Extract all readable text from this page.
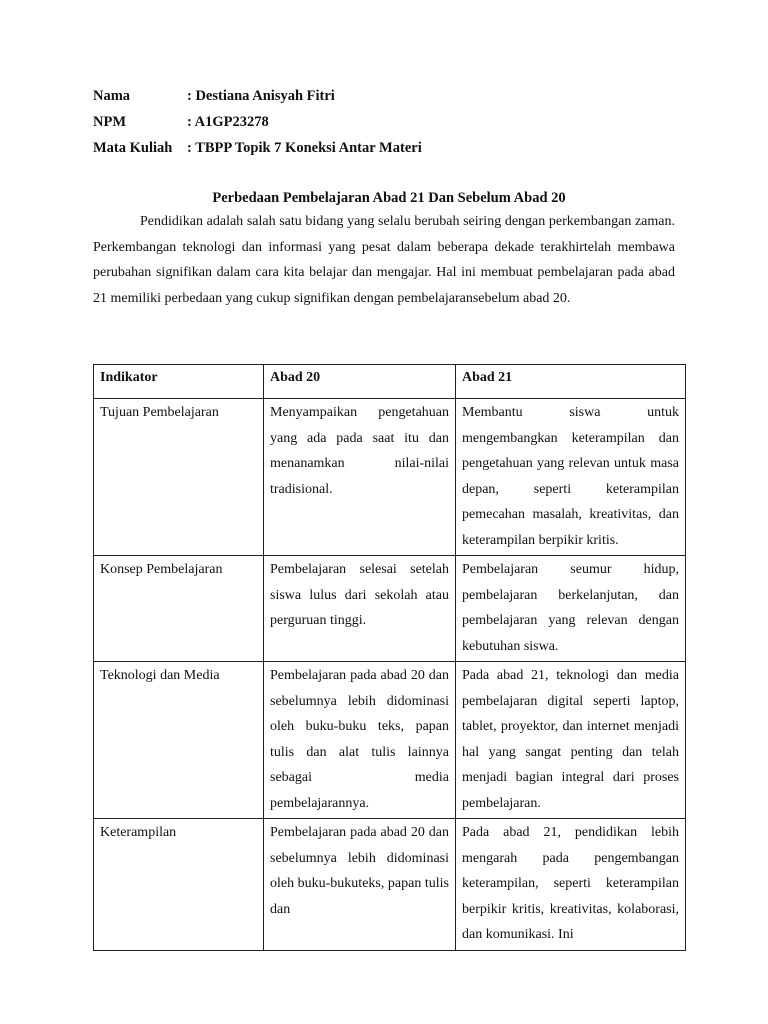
Nama	: Destiana Anisyah Fitri
NPM	: A1GP23278
Mata Kuliah	: TBPP Topik 7 Koneksi Antar Materi
Perbedaan Pembelajaran Abad 21 Dan Sebelum Abad 20

Pendidikan adalah salah satu bidang yang selalu berubah seiring dengan perkembangan zaman. Perkembangan teknologi dan informasi yang pesat dalam beberapa dekade terakhirtelah membawa perubahan signifikan dalam cara kita belajar dan mengajar. Hal ini membuat pembelajaran pada abad 21 memiliki perbedaan yang cukup signifikan dengan pembelajaransebelum abad 20.

Indikator	Abad 20	Abad 21
Tujuan Pembelajaran	Menyampaikan pengetahuan yang ada pada saat itu dan menanamkan nilai-nilai tradisional.	Membantu siswa untuk mengembangkan keterampilan dan pengetahuan yang relevan untuk masa depan, seperti keterampilan pemecahan masalah, kreativitas, dan keterampilan berpikir kritis.
Konsep Pembelajaran	Pembelajaran selesai setelah siswa lulus dari sekolah atau perguruan tinggi.	Pembelajaran seumur hidup, pembelajaran berkelanjutan, dan pembelajaran yang relevan dengan kebutuhan siswa.
Teknologi dan Media	Pembelajaran pada abad 20 dan sebelumnya lebih didominasi oleh buku-buku teks, papan tulis dan alat tulis lainnya sebagai media pembelajarannya.	Pada abad 21, teknologi dan media pembelajaran digital seperti laptop, tablet, proyektor, dan internet menjadi hal yang sangat penting dan telah menjadi bagian integral dari proses pembelajaran.
Keterampilan	Pembelajaran pada abad 20 dan sebelumnya lebih didominasi oleh buku-bukuteks, papan tulis dan	Pada abad 21, pendidikan lebih mengarah pada pengembangan keterampilan, seperti keterampilan berpikir kritis, kreativitas, kolaborasi, dan komunikasi. Ini
